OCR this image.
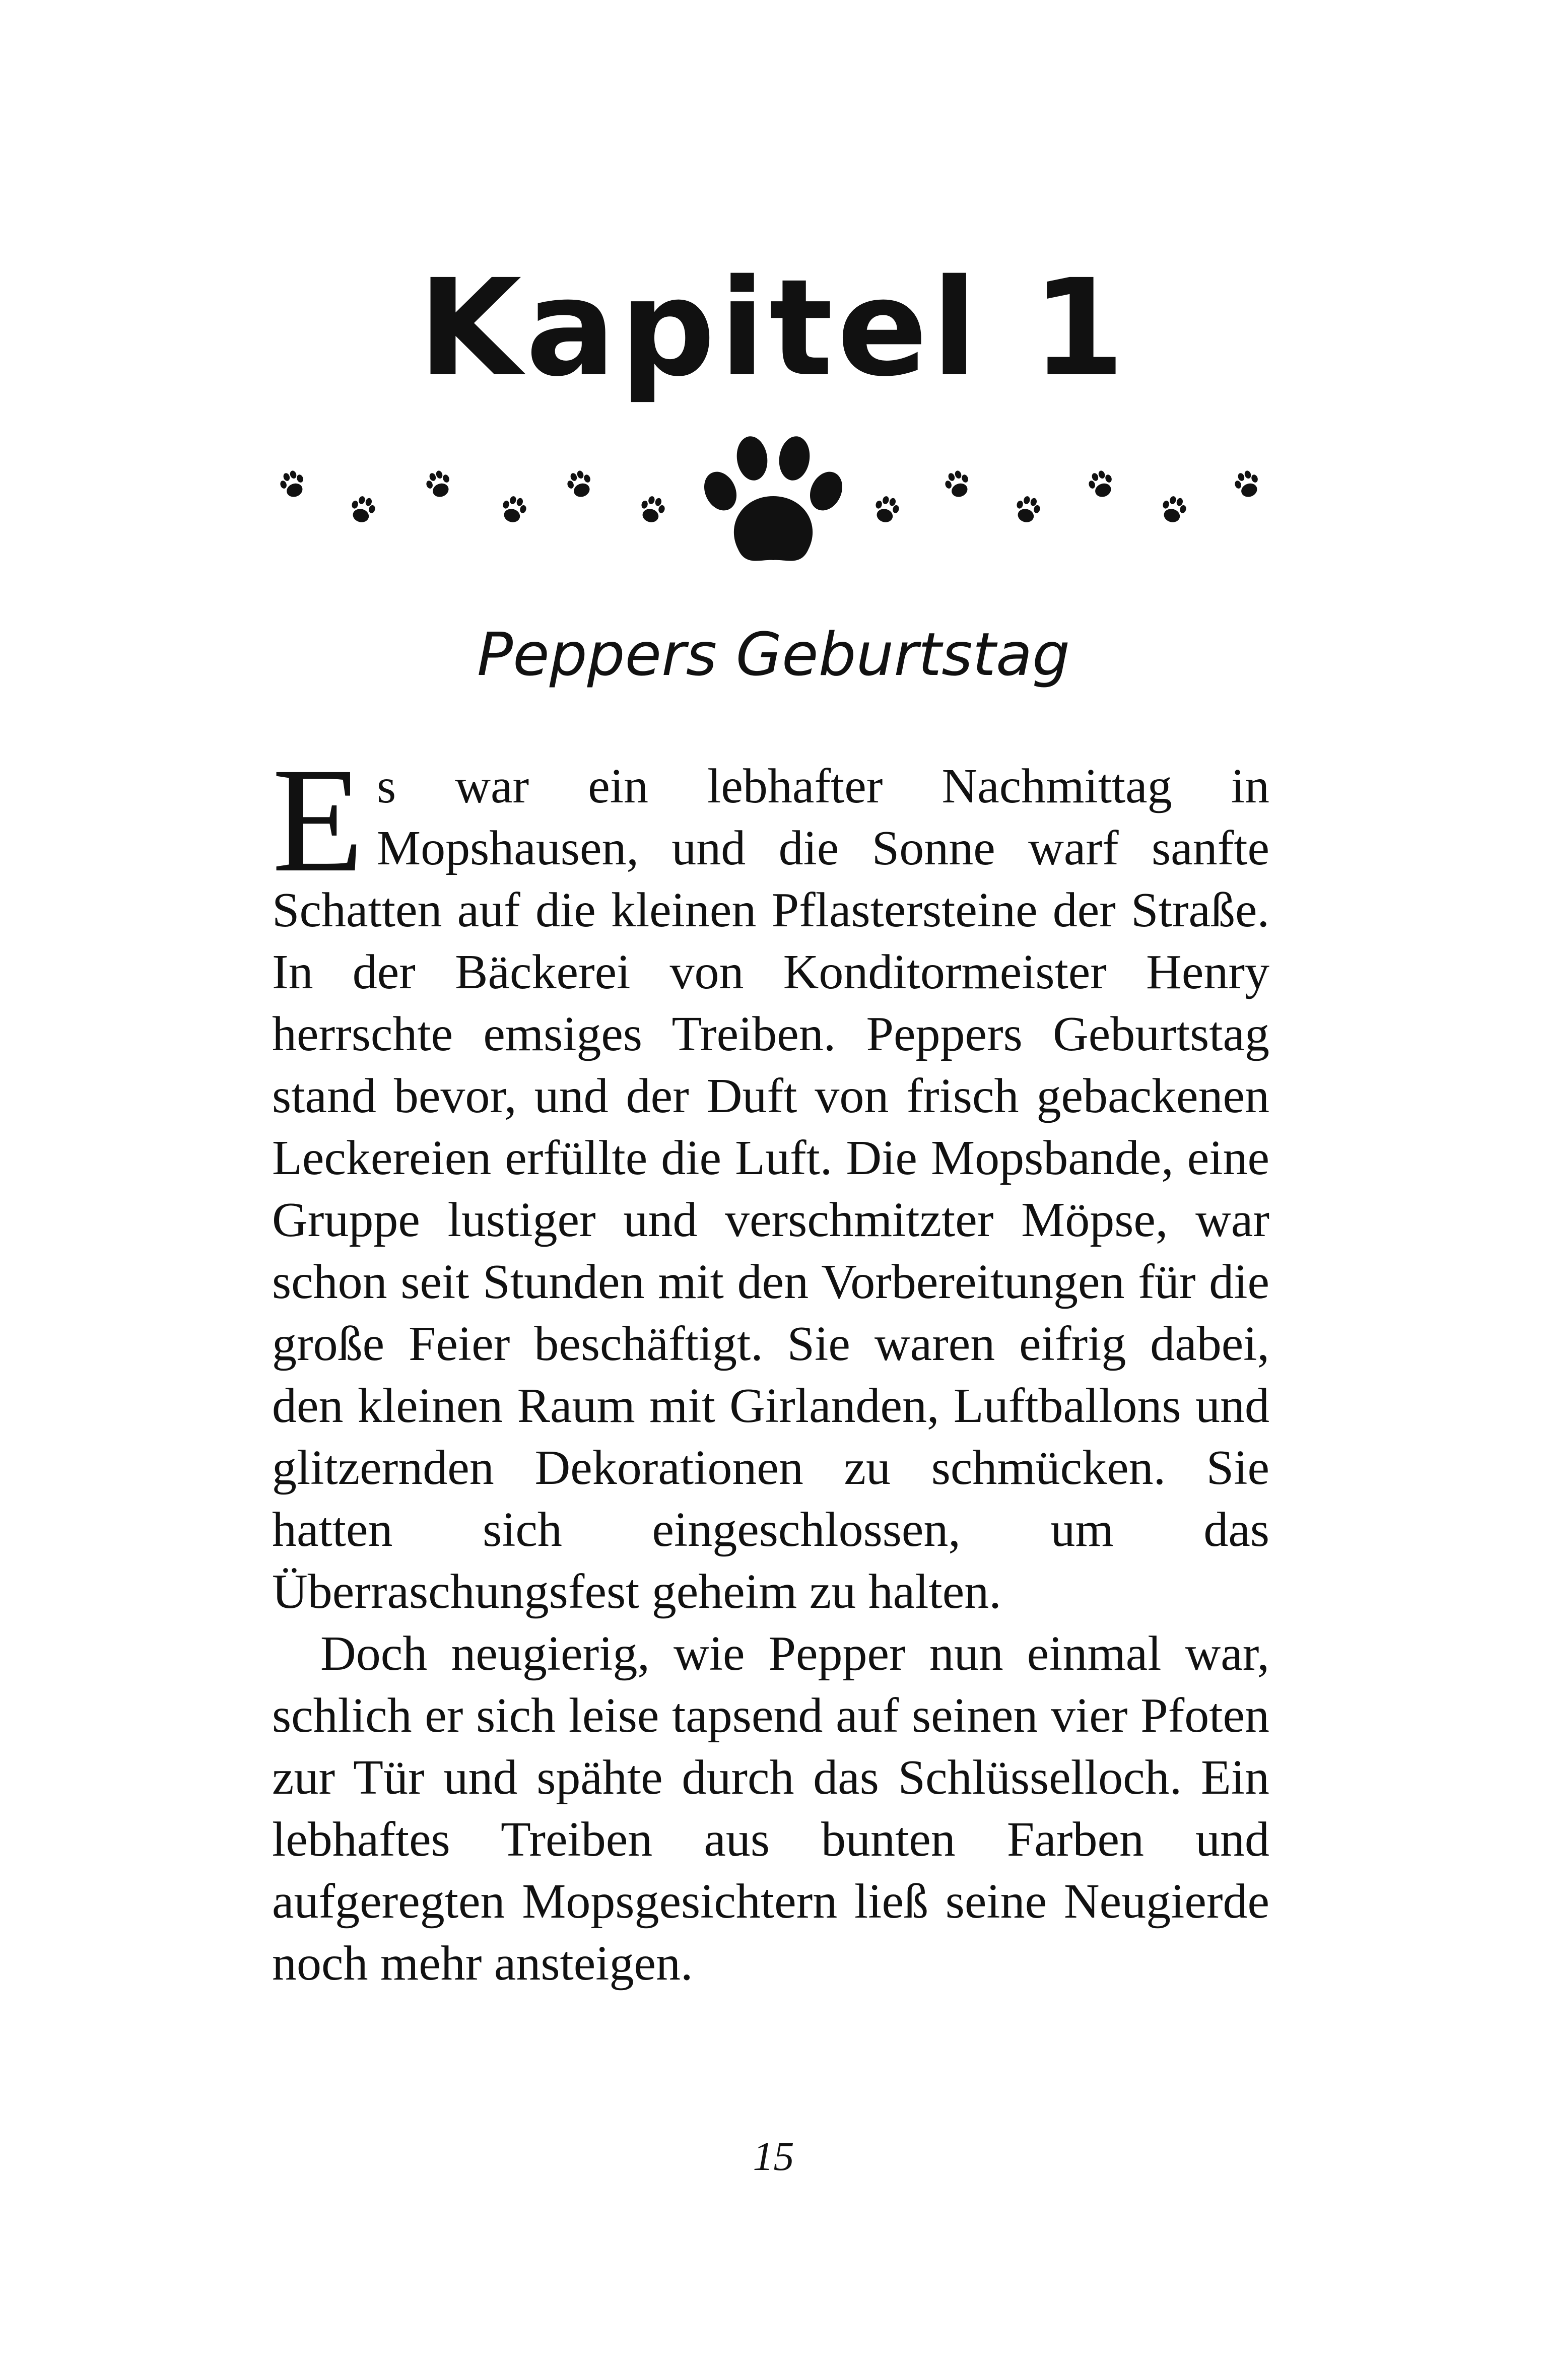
Kapitel 1
Peppers Geburtstag

Es war ein lebhafter Nachmittag in Mopshausen, und die Sonne warf sanfte Schatten auf die kleinen Pflastersteine der Straße. In der Bäckerei von Konditormeister Henry herrschte emsiges Treiben. Peppers Geburtstag stand bevor, und der Duft von frisch gebackenen Leckereien erfüllte die Luft. Die Mopsbande, eine Gruppe lustiger und verschmitzter Möpse, war schon seit Stunden mit den Vorbereitungen für die große Feier beschäftigt. Sie waren eifrig dabei, den kleinen Raum mit Girlanden, Luftballons und glitzernden Dekorationen zu schmücken. Sie hatten sich eingeschlossen, um das Überraschungsfest geheim zu halten.

Doch neugierig, wie Pepper nun einmal war, schlich er sich leise tapsend auf seinen vier Pfoten zur Tür und spähte durch das Schlüsselloch. Ein lebhaftes Treiben aus bunten Farben und aufgeregten Mopsgesichtern ließ seine Neugierde noch mehr ansteigen.

15
